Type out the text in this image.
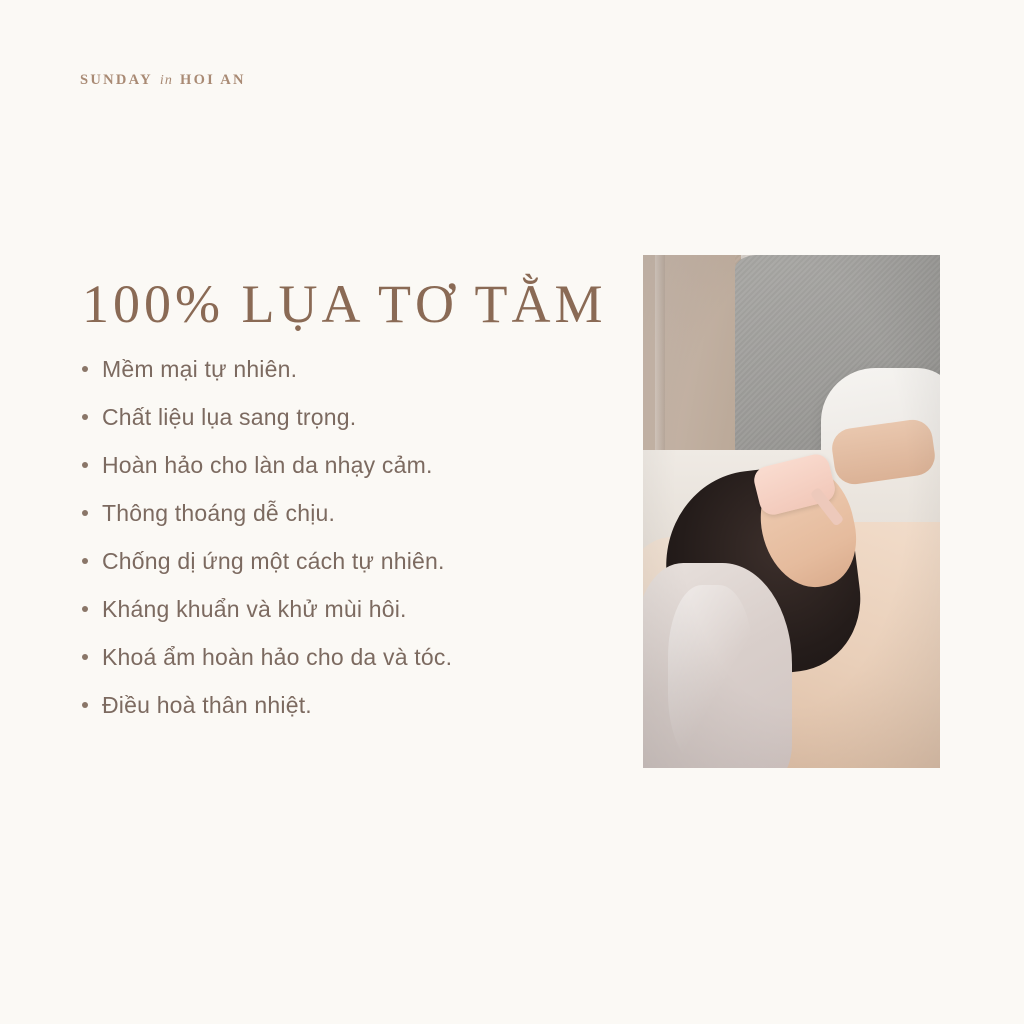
SUNDAY in HOI AN
100% LỤA TƠ TẰM
Mềm mại tự nhiên.
Chất liệu lụa sang trọng.
Hoàn hảo cho làn da nhạy cảm.
Thông thoáng dễ chịu.
Chống dị ứng một cách tự nhiên.
Kháng khuẩn và khử mùi hôi.
Khoá ẩm hoàn hảo cho da và tóc.
Điều hoà thân nhiệt.
